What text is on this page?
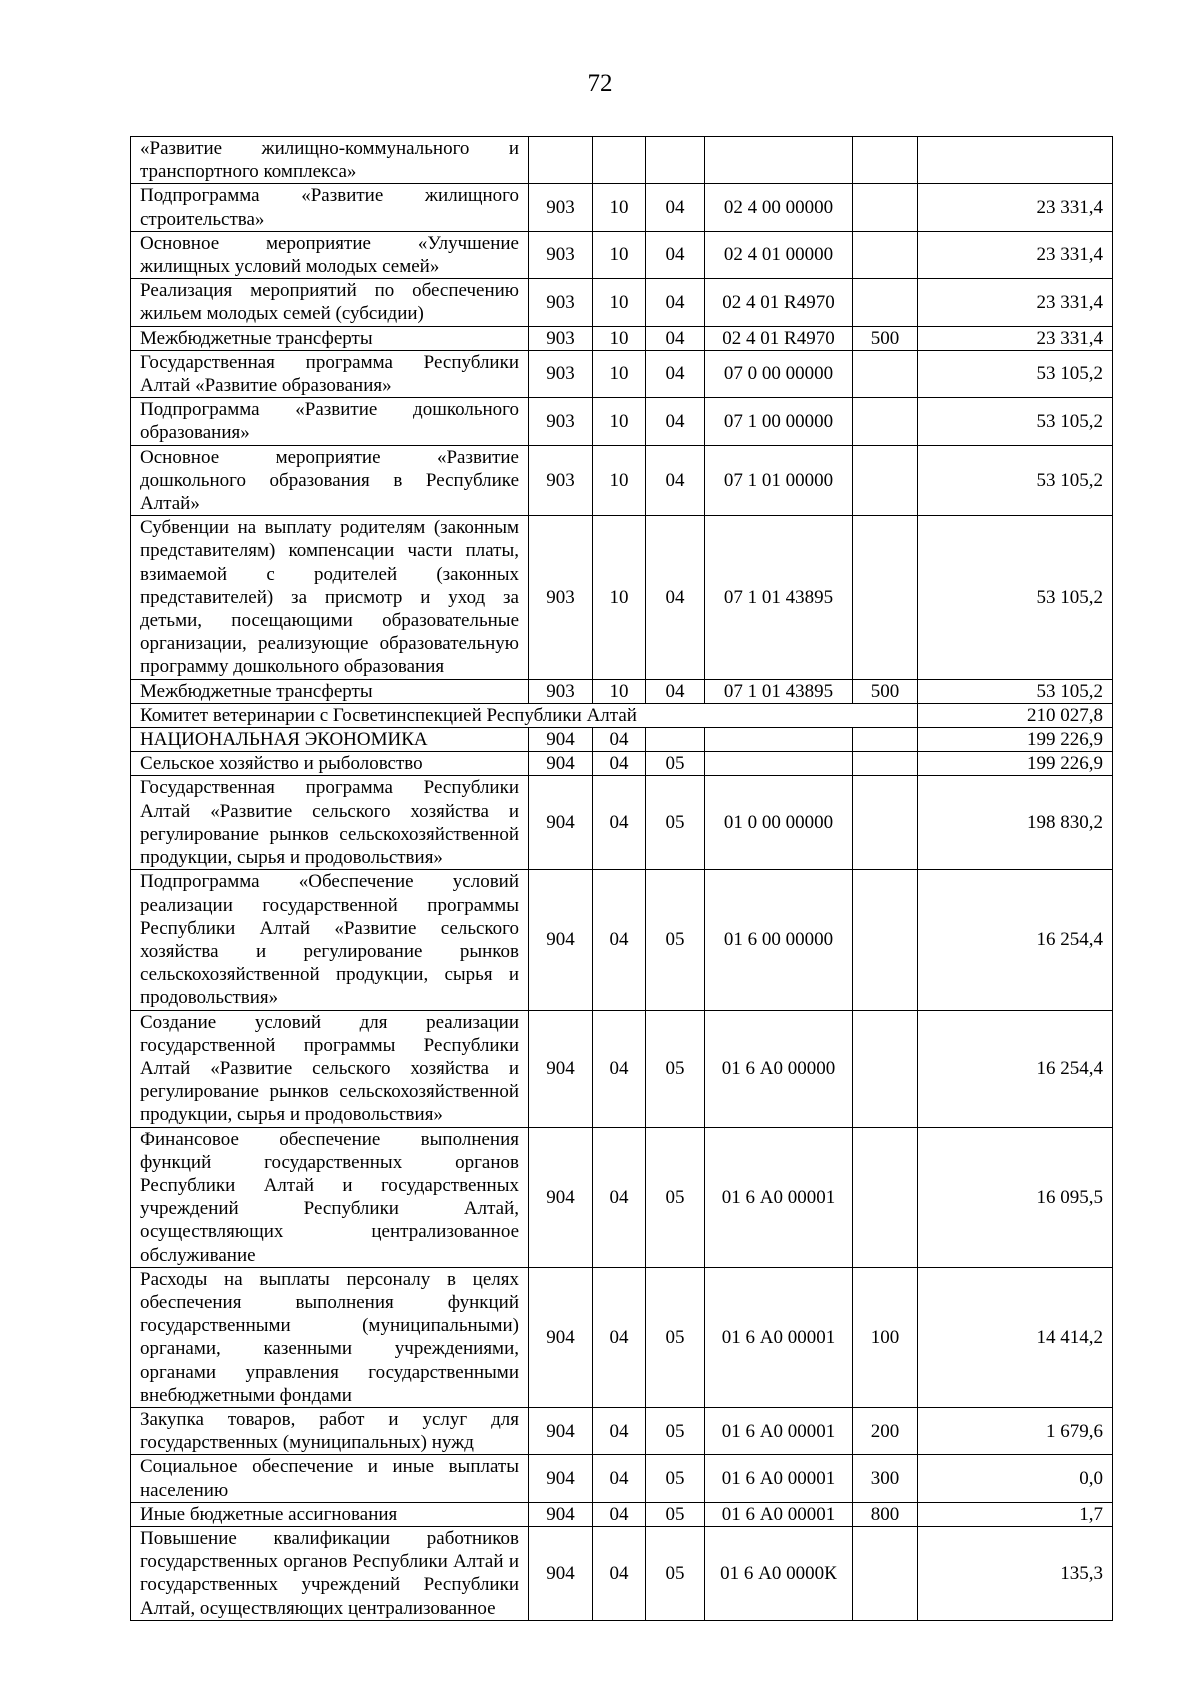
72
«Развитие жилищно-коммунального и транспортного комплекса»						
Подпрограмма «Развитие жилищного строительства»	903	10	04	02 4 00 00000		23 331,4
Основное мероприятие «Улучшение жилищных условий молодых семей»	903	10	04	02 4 01 00000		23 331,4
Реализация мероприятий по обеспечению жильем молодых семей (субсидии)	903	10	04	02 4 01 R4970		23 331,4
Межбюджетные трансферты	903	10	04	02 4 01 R4970	500	23 331,4
Государственная программа Республики Алтай «Развитие образования»	903	10	04	07 0 00 00000		53 105,2
Подпрограмма «Развитие дошкольного образования»	903	10	04	07 1 00 00000		53 105,2
Основное мероприятие «Развитие дошкольного образования в Республике Алтай»	903	10	04	07 1 01 00000		53 105,2
Субвенции на выплату родителям (законным представителям) компенсации части платы, взимаемой с родителей (законных представителей) за присмотр и уход за детьми, посещающими образовательные организации, реализующие образовательную программу дошкольного образования	903	10	04	07 1 01 43895		53 105,2
Межбюджетные трансферты	903	10	04	07 1 01 43895	500	53 105,2
Комитет ветеринарии с Госветинспекцией Республики Алтай						210 027,8
НАЦИОНАЛЬНАЯ ЭКОНОМИКА	904	04				199 226,9
Сельское хозяйство и рыболовство	904	04	05			199 226,9
Государственная программа Республики Алтай «Развитие сельского хозяйства и регулирование рынков сельскохозяйственной продукции, сырья и продовольствия»	904	04	05	01 0 00 00000		198 830,2
Подпрограмма «Обеспечение условий реализации государственной программы Республики Алтай «Развитие сельского хозяйства и регулирование рынков сельскохозяйственной продукции, сырья и продовольствия»	904	04	05	01 6 00 00000		16 254,4
Создание условий для реализации государственной программы Республики Алтай «Развитие сельского хозяйства и регулирование рынков сельскохозяйственной продукции, сырья и продовольствия»	904	04	05	01 6 А0 00000		16 254,4
Финансовое обеспечение выполнения функций государственных органов Республики Алтай и государственных учреждений Республики Алтай, осуществляющих централизованное обслуживание	904	04	05	01 6 А0 00001		16 095,5
Расходы на выплаты персоналу в целях обеспечения выполнения функций государственными (муниципальными) органами, казенными учреждениями, органами управления государственными внебюджетными фондами	904	04	05	01 6 А0 00001	100	14 414,2
Закупка товаров, работ и услуг для государственных (муниципальных) нужд	904	04	05	01 6 А0 00001	200	1 679,6
Социальное обеспечение и иные выплаты населению	904	04	05	01 6 А0 00001	300	0,0
Иные бюджетные ассигнования	904	04	05	01 6 А0 00001	800	1,7
Повышение квалификации работников государственных органов Республики Алтай и государственных учреждений Республики Алтай, осуществляющих централизованное	904	04	05	01 6 А0 0000К		135,3
